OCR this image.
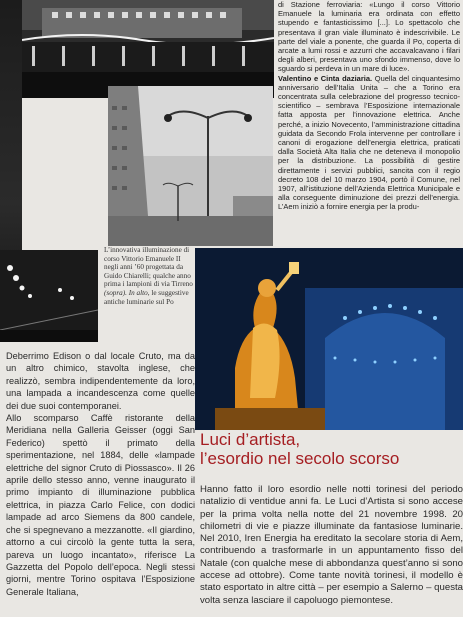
di Stazione ferroviaria: «Lungo il corso Vittorio Emanuele la luminaria era ordinata con effetto stupendo e fantasticissimo [...]. Lo spettacolo che presentava il gran viale illuminato è indescrivibile. Le parte del viale a ponente, che guarda il Po, coperta di arcate a lumi rossi e azzurri che accavalcavano i filari degli alberi, presentava uno sfondo immenso, dove lo sguardo si perdeva in un mare di luce».

Valentino e Cinta daziaria. Quella del cinquantesimo anniversario dell’Italia Unita – che a Torino era concentrata sulla celebrazione del progresso tecnico-scientifico – sembrava l’Esposizione internazionale fatta apposta per l’innovazione elettrica. Anche perché, a inizio Novecento, l’amministrazione cittadina guidata da Secondo Frola intervenne per controllare i canoni di erogazione dell’energia elettrica, praticati dalla Società Alta Italia che ne deteneva il monopolio per la distribuzione. La possibilità di gestire direttamente i servizi pubblici, sancita con il regio decreto 108 del 10 marzo 1904, portò il Comune, nel 1907, all’istituzione dell’Azienda Elettrica Municipale e alla conseguente diminuzione dei prezzi dell’energia. L’Aem iniziò a fornire energia per la produ-

L’innovativa illuminazione di corso Vittorio Emanuele II negli anni ’60 progettata da Guido Chiarelli; qualche anno prima i lampioni di via Tirreno (sopra). In alto, le suggestive antiche luminarie sul Po

Deberrimo Edison o dal locale Cruto, ma da un altro chimico, stavolta inglese, che realizzò, sembra indipendentemente da loro, una lampada a incandescenza come quelle dei due suoi contemporanei.

Allo scomparso Caffè ristorante della Meridiana nella Galleria Geisser (oggi San Federico) spettò il primato della sperimentazione, nel 1884, delle «lampade elettriche del signor Cruto di Piossasco». Il 26 aprile dello stesso anno, venne inaugurato il primo impianto di illuminazione pubblica elettrica, in piazza Carlo Felice, con dodici lampade ad arco Siemens da 800 candele, che si spegnevano a mezzanotte. «Il giardino, attorno a cui circolò la gente tutta la sera, pareva un luogo incantato», riferisce La Gazzetta del Popolo dell’epoca. Negli stessi giorni, mentre Torino ospitava l’Esposizione Generale Italiana,

Luci d’artista,
l’esordio nel secolo scorso

Hanno fatto il loro esordio nelle notti torinesi del periodo natalizio di ventidue anni fa. Le Luci d’Artista si sono accese per la prima volta nella notte del 21 novembre 1998. 20 chilometri di vie e piazze illuminate da fantasiose luminarie. Nel 2010, Iren Energia ha ereditato la secolare storia di Aem, contribuendo a trasformarle in un appuntamento fisso del Natale (con qualche mese di abbondanza quest’anno si sono accese ad ottobre). Come tante novità torinesi, il modello è stato esportato in altre città – per esempio a Salerno – questa volta senza lasciare il capoluogo piemontese.
